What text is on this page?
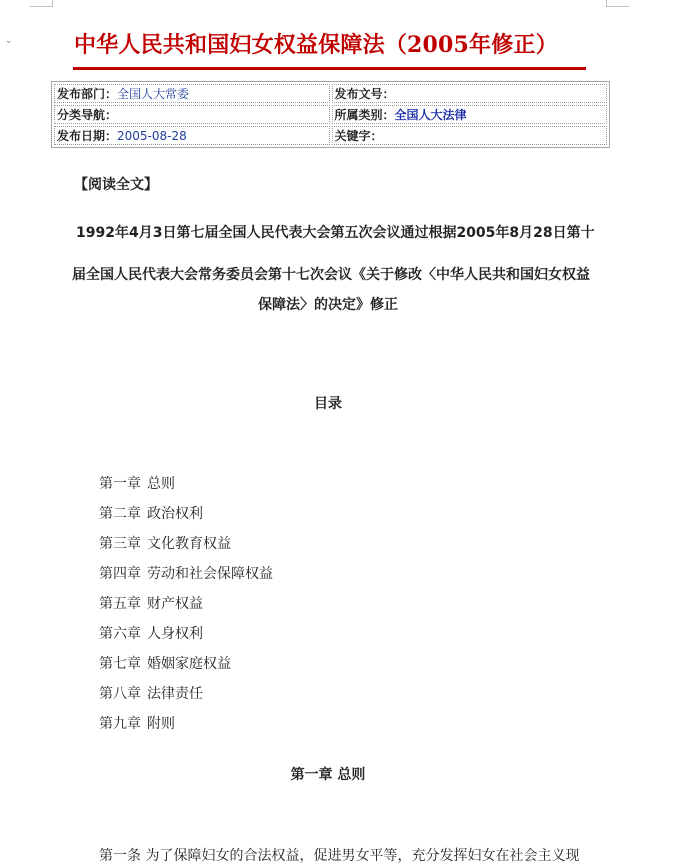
⌄	中华人民共和国妇女权益保障法（2005年修正）
发布部门：全国人大常委	发布文号：
分类导航：	所属类别：全国人大法律
发布日期：2005-08-28	关键字：
【阅读全文】
1992年4月3日第七届全国人民代表大会第五次会议通过根据2005年8月28日第十
届全国人民代表大会常务委员会第十七次会议《关于修改〈中华人民共和国妇女权益
保障法〉的决定》修正
目录
第一章 总则
第二章 政治权利
第三章 文化教育权益
第四章 劳动和社会保障权益
第五章 财产权益
第六章 人身权利
第七章 婚姻家庭权益
第八章 法律责任
第九章 附则
第一章 总则
第一条 为了保障妇女的合法权益，促进男女平等，充分发挥妇女在社会主义现
